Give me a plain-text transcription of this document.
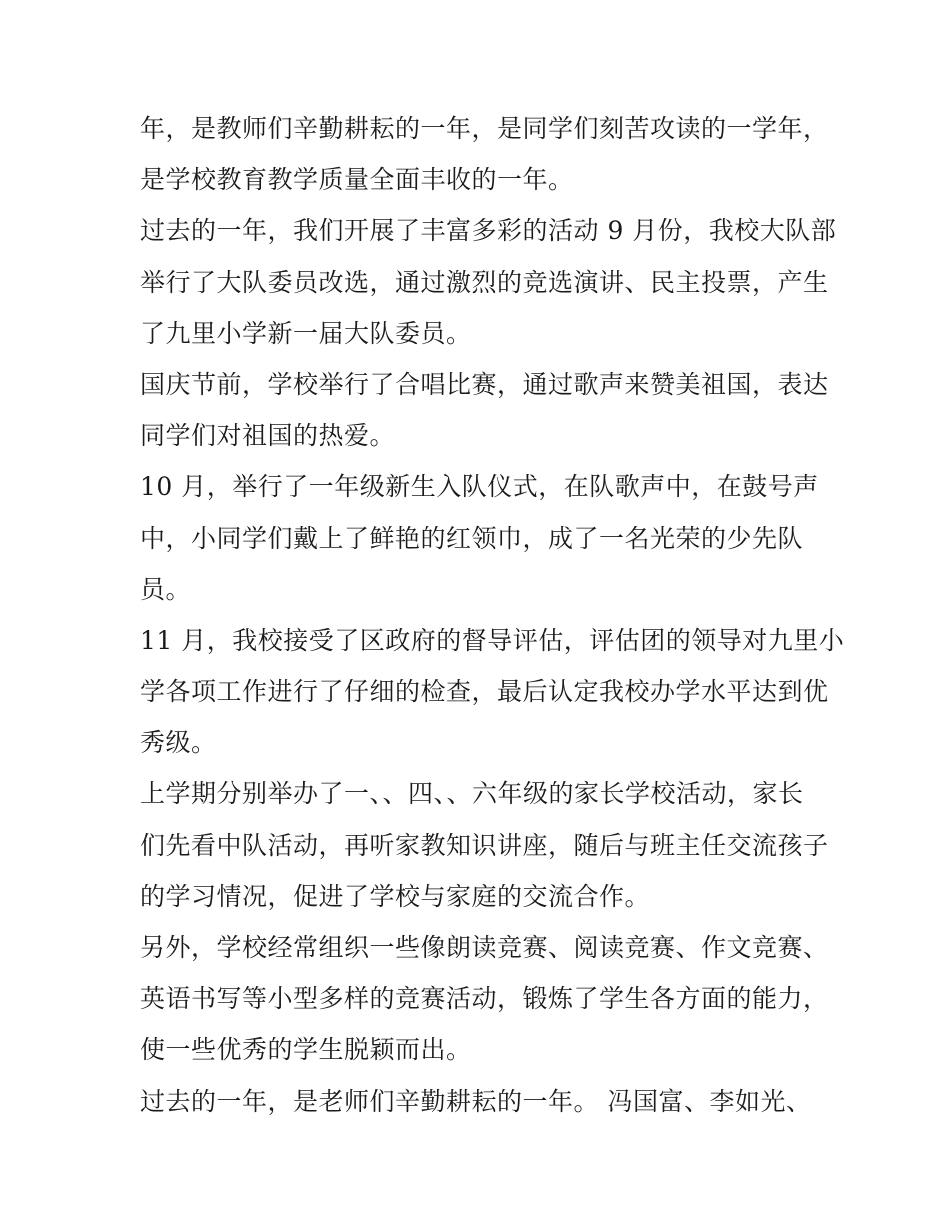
年，是教师们辛勤耕耘的一年，是同学们刻苦攻读的一学年，
是学校教育教学质量全面丰收的一年。
过去的一年，我们开展了丰富多彩的活动 9 月份，我校大队部
举行了大队委员改选，通过激烈的竞选演讲、民主投票，产生
了九里小学新一届大队委员。
国庆节前，学校举行了合唱比赛，通过歌声来赞美祖国，表达
同学们对祖国的热爱。
10 月，举行了一年级新生入队仪式，在队歌声中，在鼓号声
中，小同学们戴上了鲜艳的红领巾，成了一名光荣的少先队
员。
11 月，我校接受了区政府的督导评估，评估团的领导对九里小
学各项工作进行了仔细的检查，最后认定我校办学水平达到优
秀级。
上学期分别举办了一、、四、、六年级的家长学校活动，家长
们先看中队活动，再听家教知识讲座，随后与班主任交流孩子
的学习情况，促进了学校与家庭的交流合作。
另外，学校经常组织一些像朗读竞赛、阅读竞赛、作文竞赛、
英语书写等小型多样的竞赛活动，锻炼了学生各方面的能力，
使一些优秀的学生脱颖而出。
过去的一年，是老师们辛勤耕耘的一年。 冯国富、李如光、
